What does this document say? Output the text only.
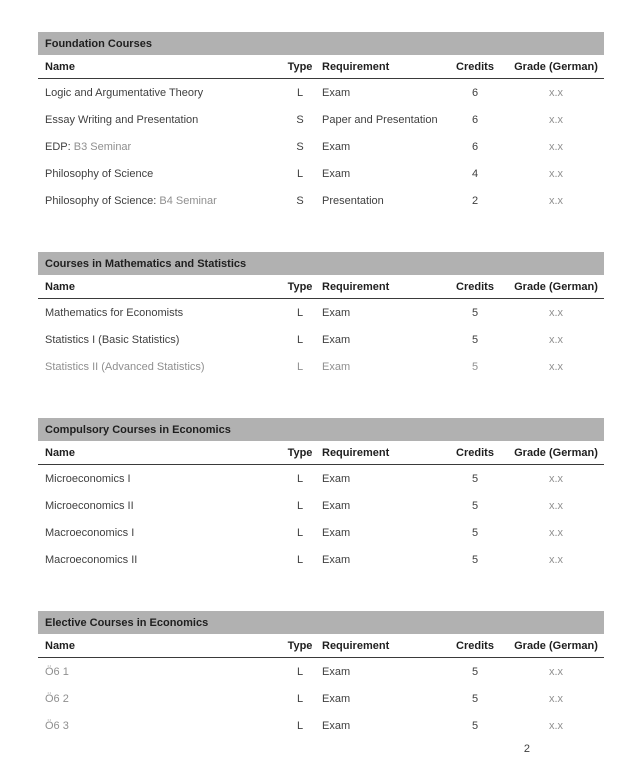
Foundation Courses
Name	Type Requirement	Credits	Grade (German)
Logic and Argumentative Theory	L	Exam	6	x.x
Essay Writing and Presentation	S	Paper and Presentation	6	x.x
EDP: B3 Seminar	S	Exam	6	x.x
Philosophy of Science	L	Exam	4	x.x
Philosophy of Science: B4 Seminar	S	Presentation	2	x.x
Courses in Mathematics and Statistics
Name	Type Requirement	Credits	Grade (German)
Mathematics for Economists	L	Exam	5	x.x
Statistics I (Basic Statistics)	L	Exam	5	x.x
Statistics II (Advanced Statistics)	L	Exam	5	x.x
Compulsory Courses in Economics
Name	Type Requirement	Credits	Grade (German)
Microeconomics I	L	Exam	5	x.x
Microeconomics II	L	Exam	5	x.x
Macroeconomics I	L	Exam	5	x.x
Macroeconomics II	L	Exam	5	x.x
Elective Courses in Economics
Name	Type Requirement	Credits	Grade (German)
Ö6 1	L	Exam	5	x.x
Ö6 2	L	Exam	5	x.x
Ö6 3	L	Exam	5	x.x
2
